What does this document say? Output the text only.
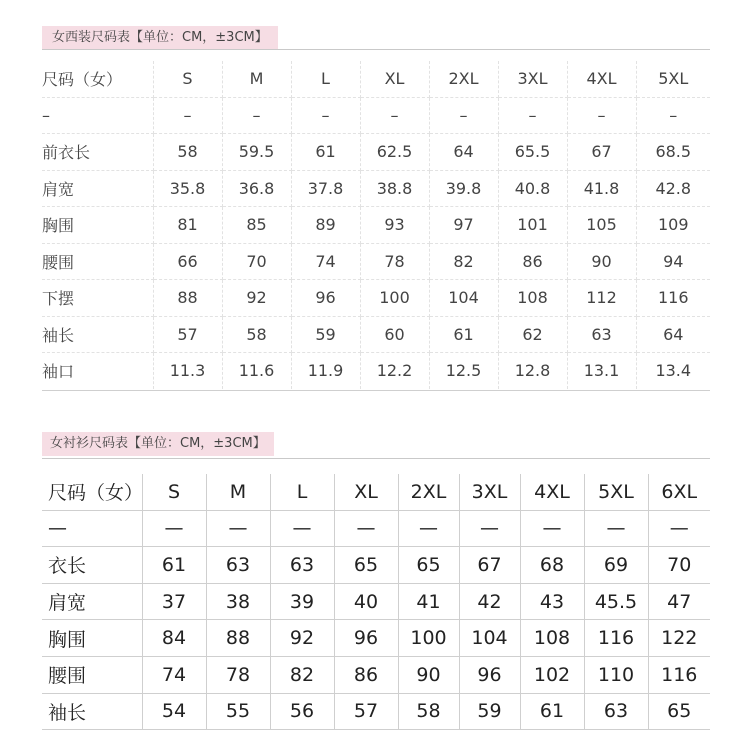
女西装尺码表【单位：CM，±3CM】
尺码（女）	S	M	L	XL	2XL	3XL	4XL	5XL
–	–	–	–	–	–	–	–	–
前衣长	58	59.5	61	62.5	64	65.5	67	68.5
肩宽	35.8	36.8	37.8	38.8	39.8	40.8	41.8	42.8
胸围	81	85	89	93	97	101	105	109
腰围	66	70	74	78	82	86	90	94
下摆	88	92	96	100	104	108	112	116
袖长	57	58	59	60	61	62	63	64
袖口	11.3	11.6	11.9	12.2	12.5	12.8	13.1	13.4
女衬衫尺码表【单位：CM，±3CM】
尺码（女）	S	M	L	XL	2XL	3XL	4XL	5XL	6XL
—	—	—	—	—	—	—	—	—	—
衣长	61	63	63	65	65	67	68	69	70
肩宽	37	38	39	40	41	42	43	45.5	47
胸围	84	88	92	96	100	104	108	116	122
腰围	74	78	82	86	90	96	102	110	116
袖长	54	55	56	57	58	59	61	63	65
